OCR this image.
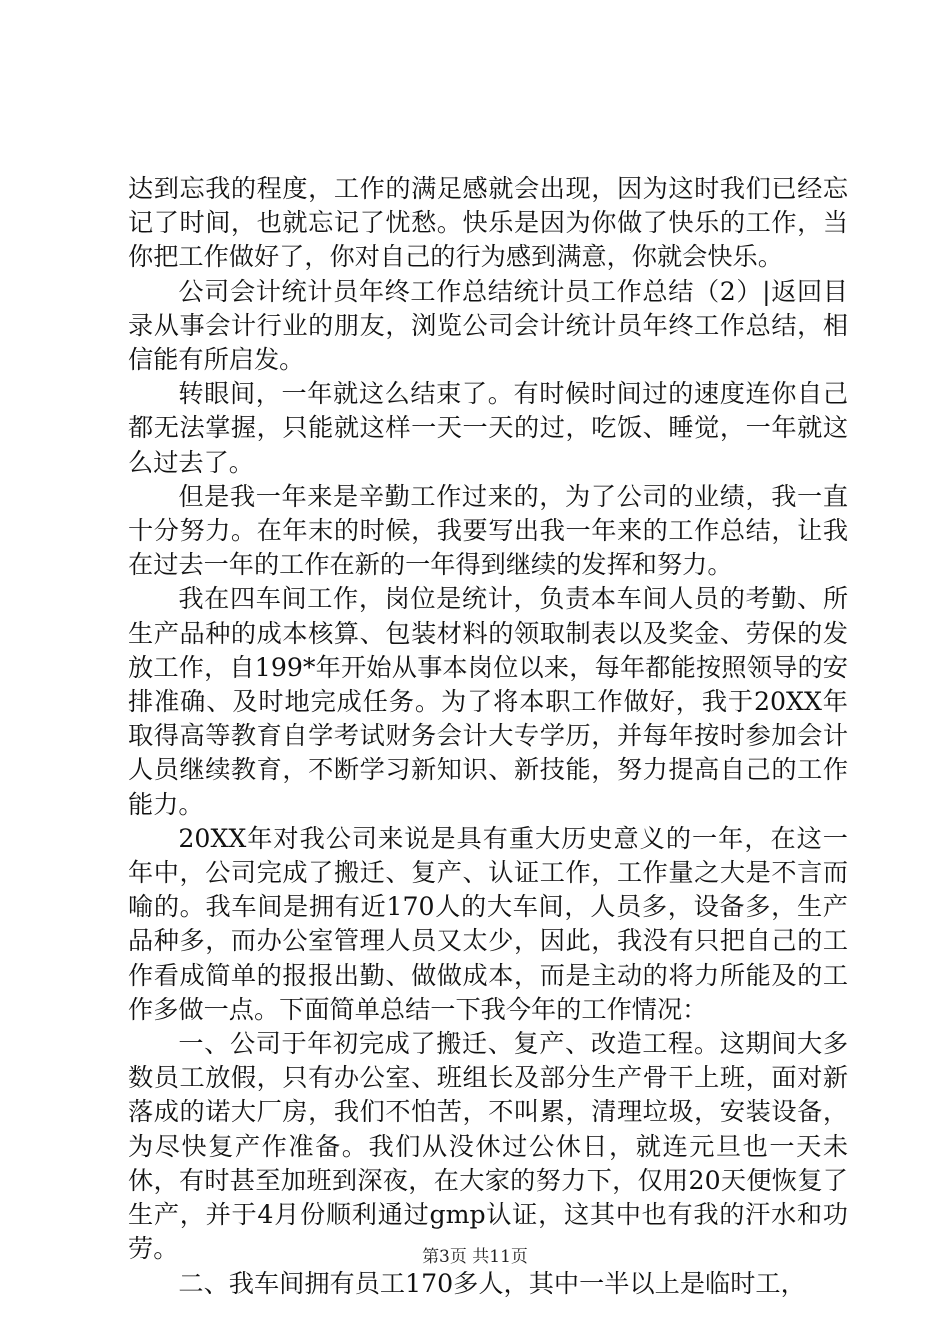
达到忘我的程度，工作的满足感就会出现，因为这时我们已经忘记了时间，也就忘记了忧愁。快乐是因为你做了快乐的工作，当你把工作做好了，你对自己的行为感到满意，你就会快乐。

公司会计统计员年终工作总结统计员工作总结（2）|返回目录从事会计行业的朋友，浏览公司会计统计员年终工作总结，相信能有所启发。

转眼间，一年就这么结束了。有时候时间过的速度连你自己都无法掌握，只能就这样一天一天的过，吃饭、睡觉，一年就这么过去了。

但是我一年来是辛勤工作过来的，为了公司的业绩，我一直十分努力。在年末的时候，我要写出我一年来的工作总结，让我在过去一年的工作在新的一年得到继续的发挥和努力。

我在四车间工作，岗位是统计，负责本车间人员的考勤、所生产品种的成本核算、包装材料的领取制表以及奖金、劳保的发放工作，自199*年开始从事本岗位以来，每年都能按照领导的安排准确、及时地完成任务。为了将本职工作做好，我于20XX年取得高等教育自学考试财务会计大专学历，并每年按时参加会计人员继续教育，不断学习新知识、新技能，努力提高自己的工作能力。

20XX年对我公司来说是具有重大历史意义的一年，在这一年中，公司完成了搬迁、复产、认证工作，工作量之大是不言而喻的。我车间是拥有近170人的大车间，人员多，设备多，生产品种多，而办公室管理人员又太少，因此，我没有只把自己的工作看成简单的报报出勤、做做成本，而是主动的将力所能及的工作多做一点。下面简单总结一下我今年的工作情况：

一、公司于年初完成了搬迁、复产、改造工程。这期间大多数员工放假，只有办公室、班组长及部分生产骨干上班，面对新落成的诺大厂房，我们不怕苦，不叫累，清理垃圾，安装设备，为尽快复产作准备。我们从没休过公休日，就连元旦也一天未休，有时甚至加班到深夜，在大家的努力下，仅用20天便恢复了生产，并于4月份顺利通过gmp认证，这其中也有我的汗水和功劳。

二、我车间拥有员工170多人，其中一半以上是临时工，

第3页 共11页
